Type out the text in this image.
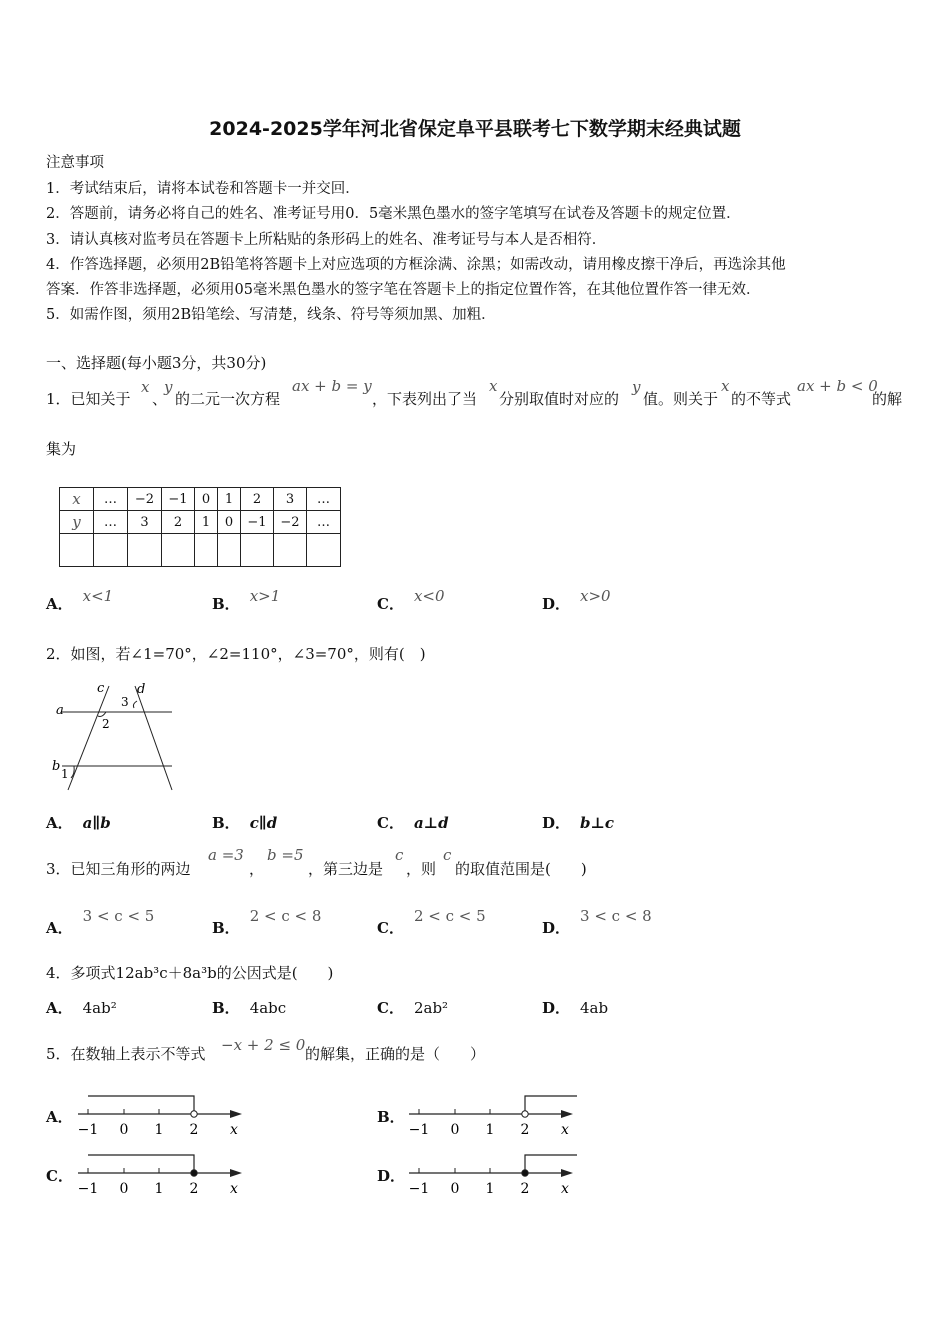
2024-2025学年河北省保定阜平县联考七下数学期末经典试题
注意事项
1．考试结束后，请将本试卷和答题卡一并交回．
2．答题前，请务必将自己的姓名、准考证号用0．5毫米黑色墨水的签字笔填写在试卷及答题卡的规定位置．
3．请认真核对监考员在答题卡上所粘贴的条形码上的姓名、准考证号与本人是否相符．
4．作答选择题，必须用2B铅笔将答题卡上对应选项的方框涂满、涂黑；如需改动，请用橡皮擦干净后，再选涂其他
答案．作答非选择题，必须用05毫米黑色墨水的签字笔在答题卡上的指定位置作答，在其他位置作答一律无效．
5．如需作图，须用2B铅笔绘、写清楚，线条、符号等须加黑、加粗．
一、选择题(每小题3分，共30分)
1．已知关于
x
、
y
的二元一次方程
ax + b = y
，下表列出了当
x
分别取值时对应的
y
值。则关于
x
的不等式
ax + b < 0
的解
集为
x	…	−2	−1	0	1	2	3	…
y	…	3	2	1	0	−1	−2	…

A． x<1	B． x>1	C． x<0	D． x>0
2．如图，若∠1=70°，∠2=110°，∠3=70°，则有(　)
a
b
c	d
1
2
3
A． a∥b	B． c∥d	C． a⊥d	D． b⊥c
3．已知三角形的两边
a =3
，
b =5
，第三边是
c
，则
c
的取值范围是(　　)
A．3 < c < 5
B．2 < c < 8
C．2 < c < 5
D．3 < c < 8
4．多项式12ab³c＋8a³b的公因式是(　　)
A． 4ab²	B． 4abc	C． 2ab²	D． 4ab
5．在数轴上表示不等式 −x + 2 ≤ 0 的解集，正确的是（　　）
A．	B．
C．	D．
−1 0 1 2 x	−1 0 1 2 x
−1 0 1 2 x	−1 0 1 2 x
